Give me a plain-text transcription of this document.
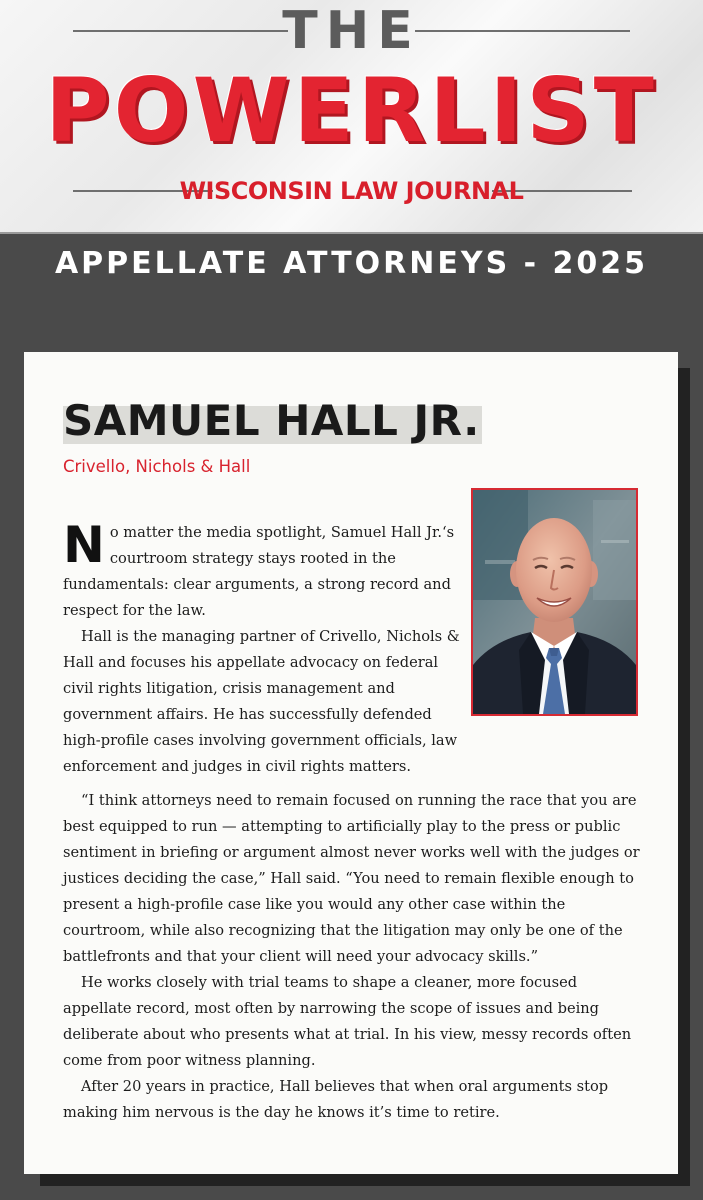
THE
POWERLIST
WISCONSIN LAW JOURNAL
APPELLATE ATTORNEYS - 2025
SAMUEL HALL JR.
Crivello, Nichols & Hall

No matter the media spotlight, Samuel Hall Jr.‘s courtroom strategy stays rooted in the fundamentals: clear arguments, a strong record and respect for the law.

Hall is the managing partner of Crivello, Nichols & Hall and focuses his appellate advocacy on federal civil rights litigation, crisis management and government affairs. He has successfully defended high-profile cases involving government officials, law enforcement and judges in civil rights matters.

“I think attorneys need to remain focused on running the race that you are best equipped to run — attempting to artificially play to the press or public sentiment in briefing or argument almost never works well with the judges or justices deciding the case,” Hall said. “You need to remain flexible enough to present a high-profile case like you would any other case within the courtroom, while also recognizing that the litigation may only be one of the battlefronts and that your client will need your advocacy skills.”

He works closely with trial teams to shape a cleaner, more focused appellate record, most often by narrowing the scope of issues and being deliberate about who presents what at trial. In his view, messy records often come from poor witness planning.

After 20 years in practice, Hall believes that when oral arguments stop making him nervous is the day he knows it’s time to retire.
